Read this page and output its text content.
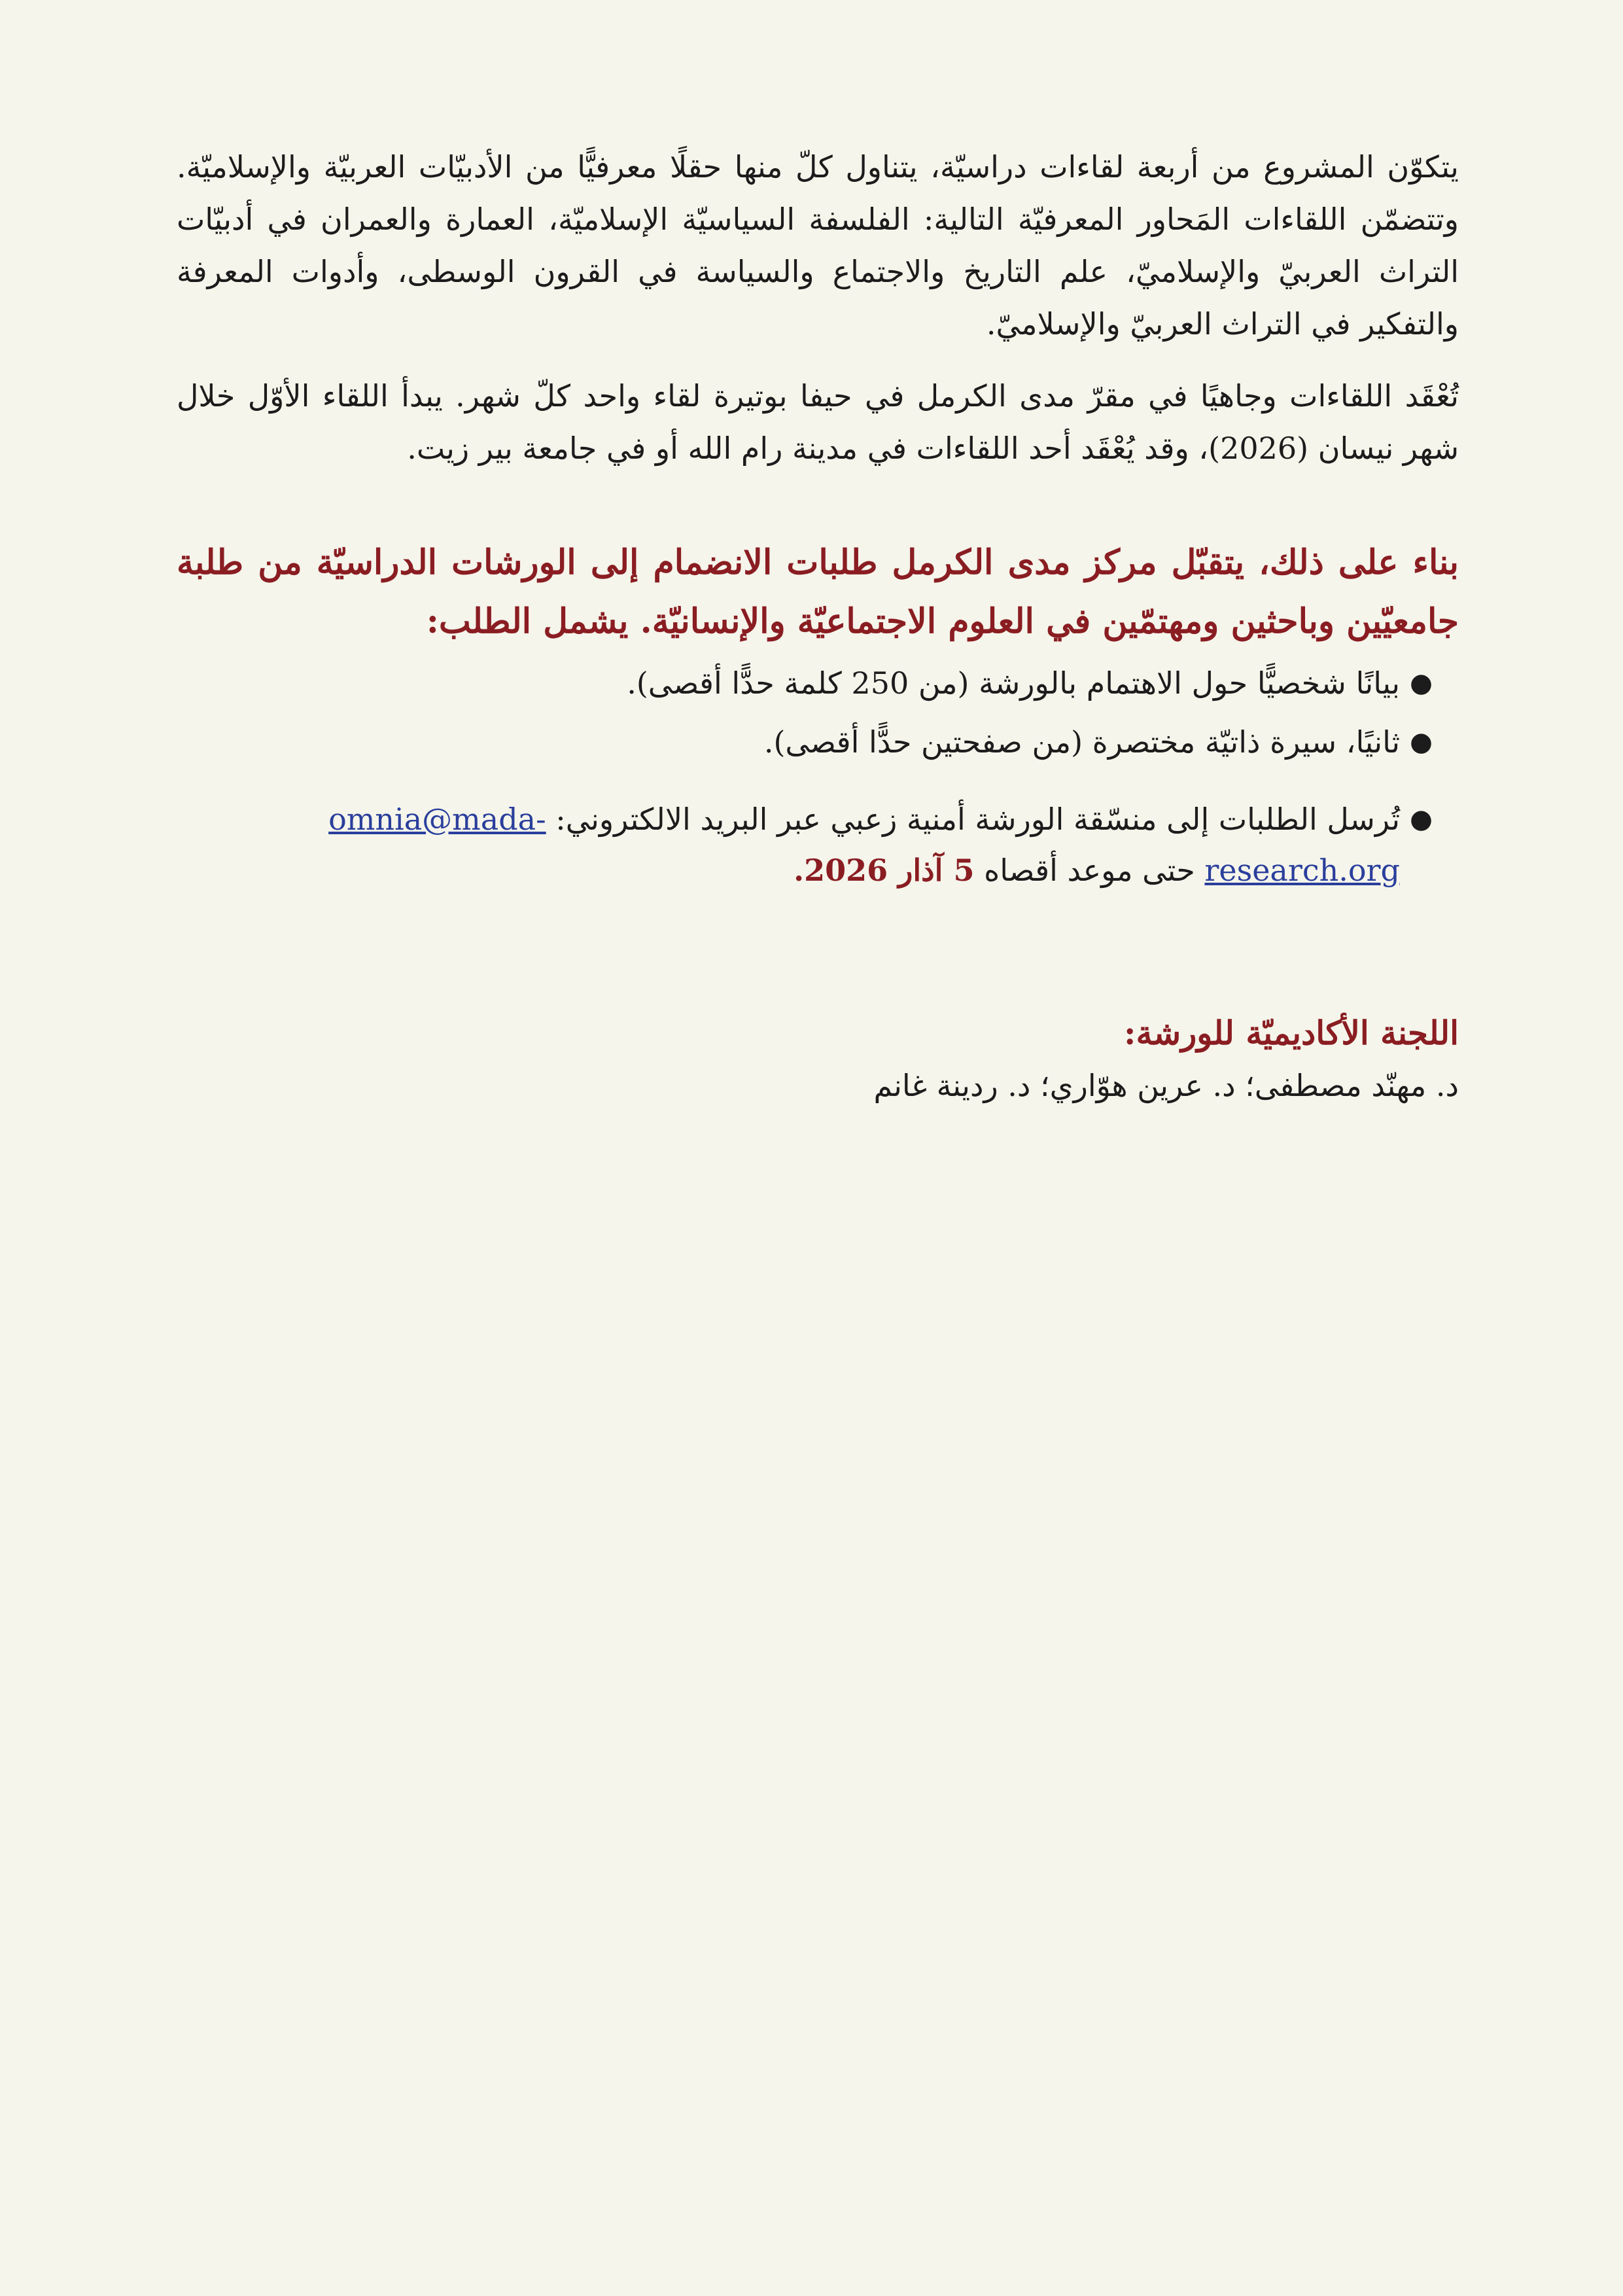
يتكوّن المشروع من أربعة لقاءات دراسيّة، يتناول كلّ منها حقلًا معرفيًّا من الأدبيّات العربيّة والإسلاميّة. وتتضمّن اللقاءات المَحاور المعرفيّة التالية: الفلسفة السياسيّة الإسلاميّة، العمارة والعمران في أدبيّات التراث العربيّ والإسلاميّ، علم التاريخ والاجتماع والسياسة في القرون الوسطى، وأدوات المعرفة والتفكير في التراث العربيّ والإسلاميّ.

تُعْقَد اللقاءات وجاهيًا في مقرّ مدى الكرمل في حيفا بوتيرة لقاء واحد كلّ شهر. يبدأ اللقاء الأوّل خلال شهر نيسان (2026)، وقد يُعْقَد أحد اللقاءات في مدينة رام الله أو في جامعة بير زيت.

بناء على ذلك، يتقبّل مركز مدى الكرمل طلبات الانضمام إلى الورشات الدراسيّة من طلبة جامعيّين وباحثين ومهتمّين في العلوم الاجتماعيّة والإنسانيّة. يشمل الطلب:

●
بيانًا شخصيًّا حول الاهتمام بالورشة (من 250 كلمة حدًّا أقصى).
●
ثانيًا، سيرة ذاتيّة مختصرة (من صفحتين حدًّا أقصى).
●
تُرسل الطلبات إلى منسّقة الورشة أمنية زعبي عبر البريد الالكتروني: omnia@mada-research.org حتى موعد أقصاه 5 آذار 2026.

اللجنة الأكاديميّة للورشة:

د. مهنّد مصطفى؛ د. عرين هوّاري؛ د. ردينة غانم
